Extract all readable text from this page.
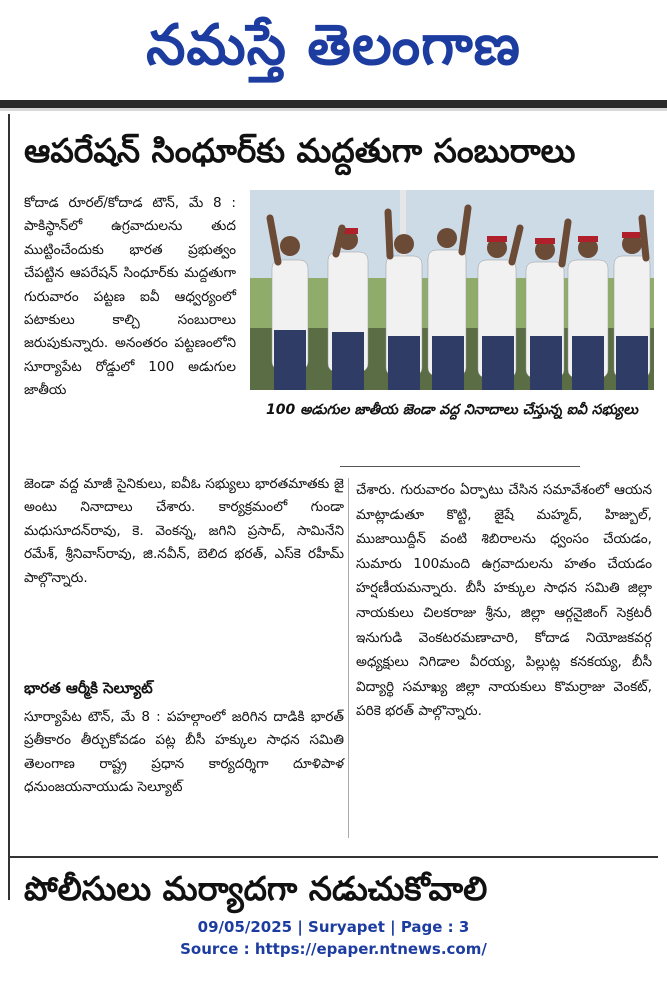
నమస్తే తెలంగాణ
ఆపరేషన్ సింధూర్‌కు మద్దతుగా సంబురాలు

కోదాడ రూరల్/కోదాడ టౌన్, మే 8 : పాకిస్థాన్‌లో ఉగ్రవాదులను తుద ముట్టించేందుకు భారత ప్రభుత్వం చేపట్టిన ఆపరేషన్ సింధూర్‌కు మద్దతుగా గురువారం పట్టణ ఐవీ ఆధ్వర్యంలో పటాకులు కాల్చి సంబురాలు జరుపుకున్నారు. అనంతరం పట్టణంలోని సూర్యాపేట రోడ్డులో 100 అడుగుల జాతీయ

100 అడుగుల జాతీయ జెండా వద్ద నినాదాలు చేస్తున్న ఐవీ సభ్యులు

జెండా వద్ద మాజీ సైనికులు, ఐవీఓ సభ్యులు భారతమాతకు జై అంటు నినాదాలు చేశారు. కార్యక్రమంలో గుండా మధుసూదన్‌రావు, కె. వెంకన్న, జగిని ప్రసాద్, సామినేని రమేశ్, శ్రీనివాస్‌రావు, జి.నవీన్, బెలిద భరత్, ఎస్‌కె రహీమ్ పాల్గొన్నారు.

భారత ఆర్మీకి సెల్యూట్

సూర్యాపేట టౌన్, మే 8 : పహల్గాంలో జరిగిన దాడికి భారత్ ప్రతీకారం తీర్చుకోవడం పట్ల బీసీ హక్కుల సాధన సమితి తెలంగాణ రాష్ట్ర ప్రధాన కార్యదర్శిగా దూళిపాళ ధనుంజయనాయుడు సెల్యూట్

చేశారు. గురువారం ఏర్పాటు చేసిన సమావేశంలో ఆయన మాట్లాడుతూ కొట్టి, జైషే మహ్మద్, హిజ్బుల్, ముజాయిద్దీన్ వంటి శిబిరాలను ధ్వంసం చేయడం, సుమారు 100మంది ఉగ్రవాదులను హతం చేయడం హర్షణీయమన్నారు. బీసీ హక్కుల సాధన సమితి జిల్లా నాయకులు చిలకరాజు శ్రీను, జిల్లా ఆర్గనైజింగ్ సెక్రటరీ ఇనుగుడి వెంకటరమణాచారి, కోదాడ నియోజకవర్గ అధ్యక్షులు నిగిడాల వీరయ్య, పిల్లుట్ల కనకయ్య, బీసీ విద్యార్థి సమాఖ్య జిల్లా నాయకులు కొమర్రాజు వెంకట్, పరికె భరత్ పాల్గొన్నారు.

పోలీసులు మర్యాదగా నడుచుకోవాలి
09/05/2025 | Suryapet | Page : 3
Source : https://epaper.ntnews.com/
